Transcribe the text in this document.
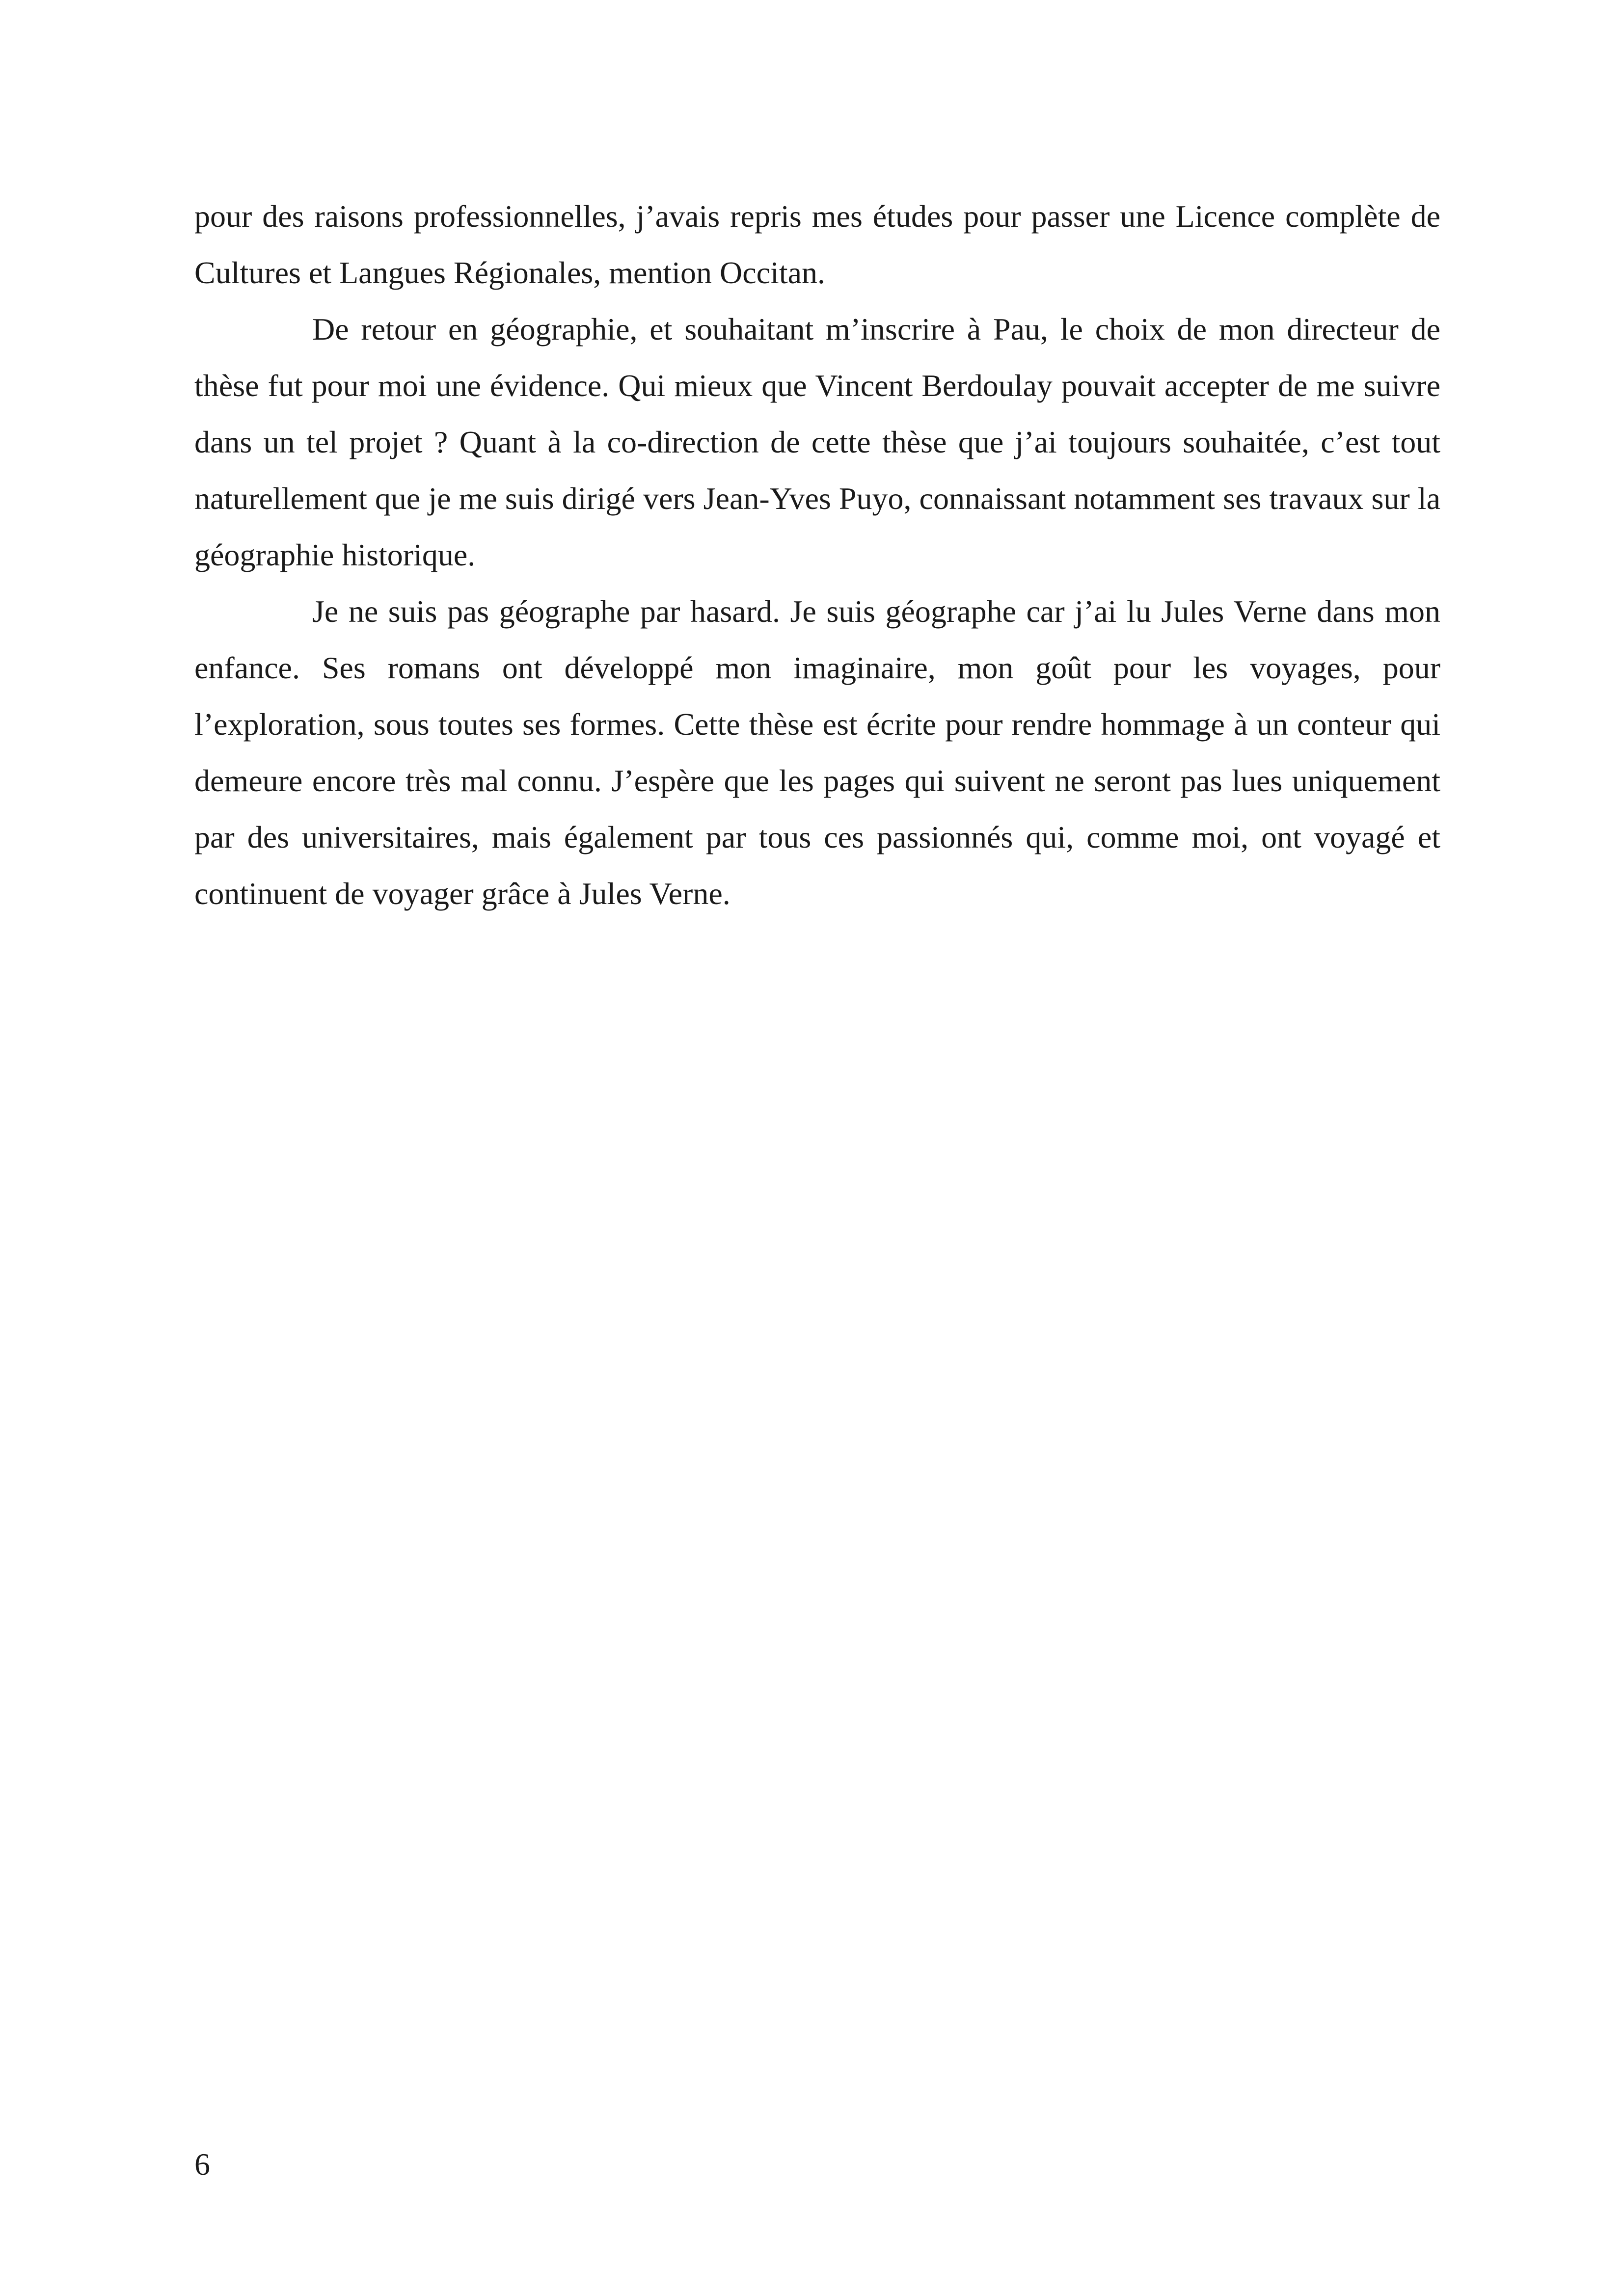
pour des raisons professionnelles, j’avais repris mes études pour passer une Licence complète de Cultures et Langues Régionales, mention Occitan.

De retour en géographie, et souhaitant m’inscrire à Pau, le choix de mon directeur de thèse fut pour moi une évidence. Qui mieux que Vincent Berdoulay pouvait accepter de me suivre dans un tel projet ? Quant à la co-direction de cette thèse que j’ai toujours souhaitée, c’est tout naturellement que je me suis dirigé vers Jean-Yves Puyo, connaissant notamment ses travaux sur la géographie historique.

Je ne suis pas géographe par hasard. Je suis géographe car j’ai lu Jules Verne dans mon enfance. Ses romans ont développé mon imaginaire, mon goût pour les voyages, pour l’exploration, sous toutes ses formes. Cette thèse est écrite pour rendre hommage à un conteur qui demeure encore très mal connu. J’espère que les pages qui suivent ne seront pas lues uniquement par des universitaires, mais également par tous ces passionnés qui, comme moi, ont voyagé et continuent de voyager grâce à Jules Verne.

6
